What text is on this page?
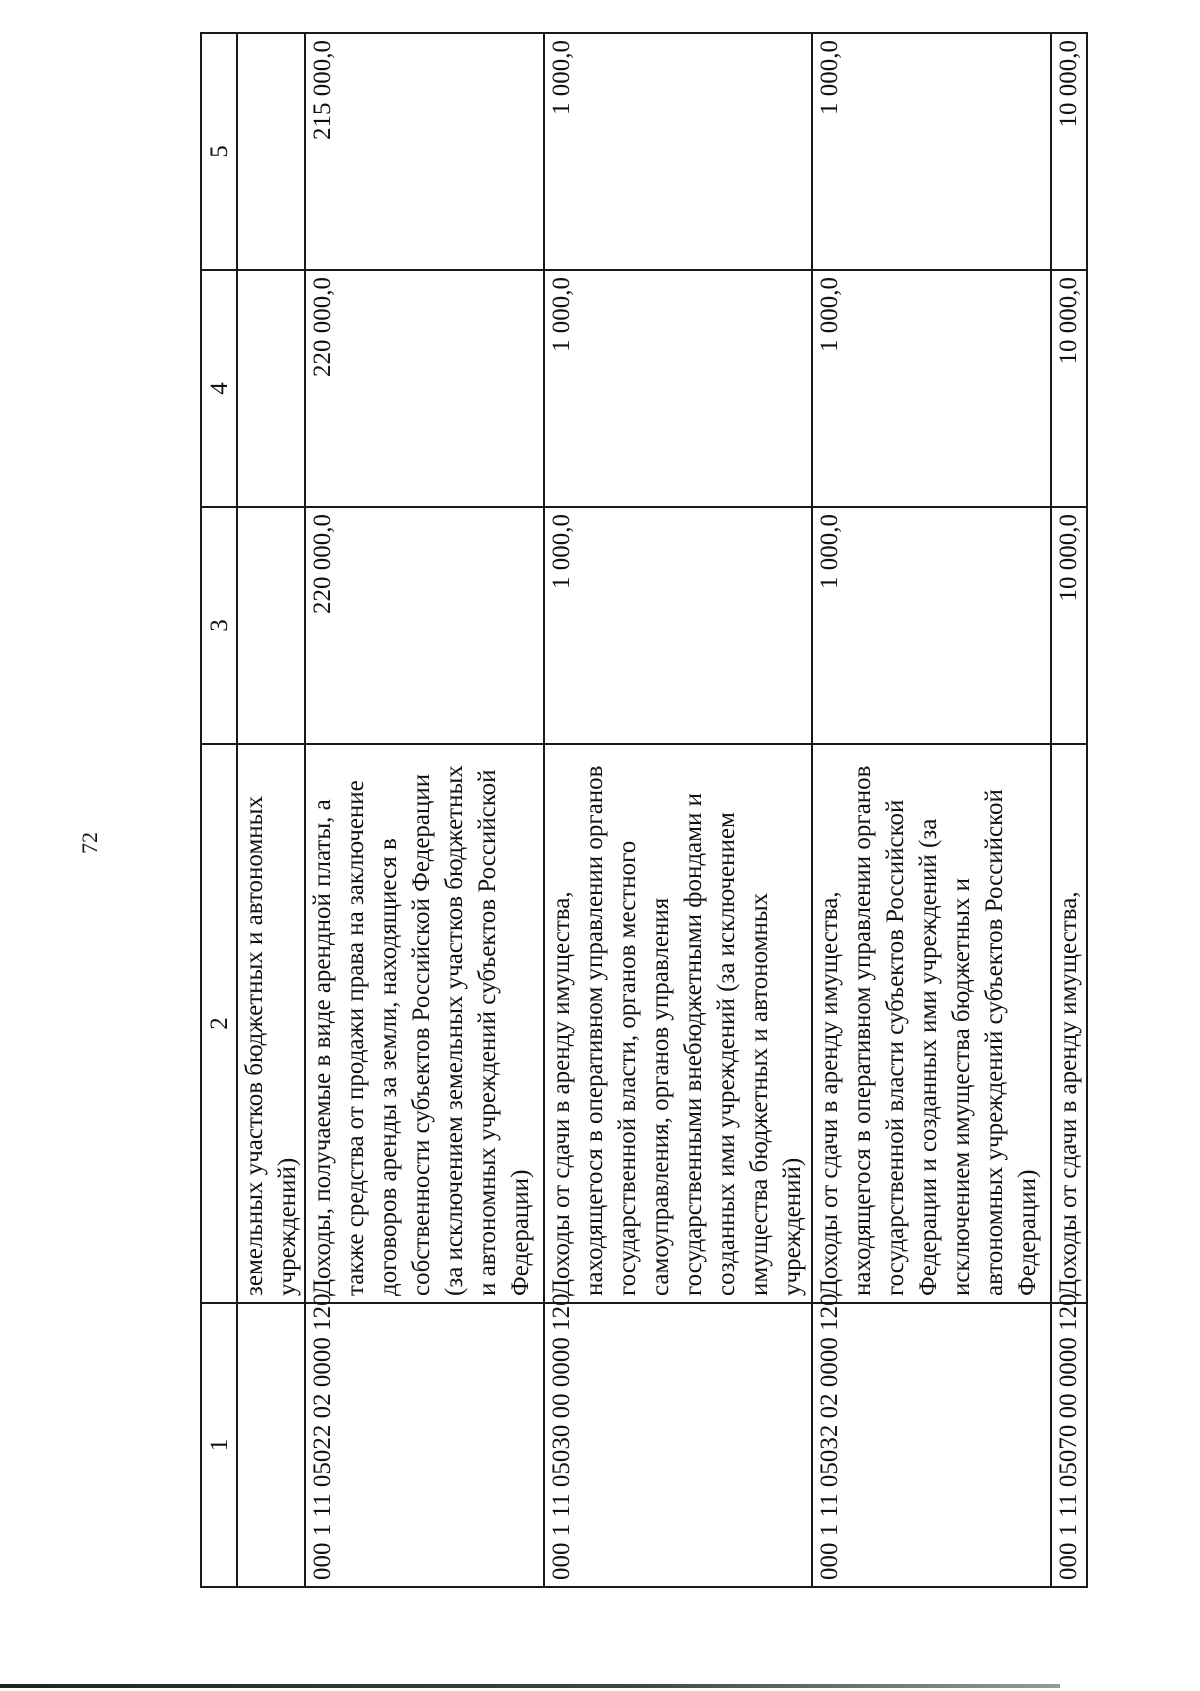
72
1	2	3	4	5
	земельных участков бюджетных и автономных учреждений)			
000 1 11 05022 02 0000 120	Доходы, получаемые в виде арендной платы, а также средства от продажи права на заключение договоров аренды за земли, находящиеся в собственности субъектов Российской Федерации (за исключением земельных участков бюджетных и автономных учреждений субъектов Российской Федерации)	220 000,0	220 000,0	215 000,0
000 1 11 05030 00 0000 120	Доходы от сдачи в аренду имущества, находящегося в оперативном управлении органов государственной власти, органов местного самоуправления, органов управления государственными внебюджетными фондами и созданных ими учреждений (за исключением имущества бюджетных и автономных учреждений)	1 000,0	1 000,0	1 000,0
000 1 11 05032 02 0000 120	Доходы от сдачи в аренду имущества, находящегося в оперативном управлении органов государственной власти субъектов Российской Федерации и созданных ими учреждений (за исключением имущества бюджетных и автономных учреждений субъектов Российской Федерации)	1 000,0	1 000,0	1 000,0
000 1 11 05070 00 0000 120	Доходы от сдачи в аренду имущества,	10 000,0	10 000,0	10 000,0
